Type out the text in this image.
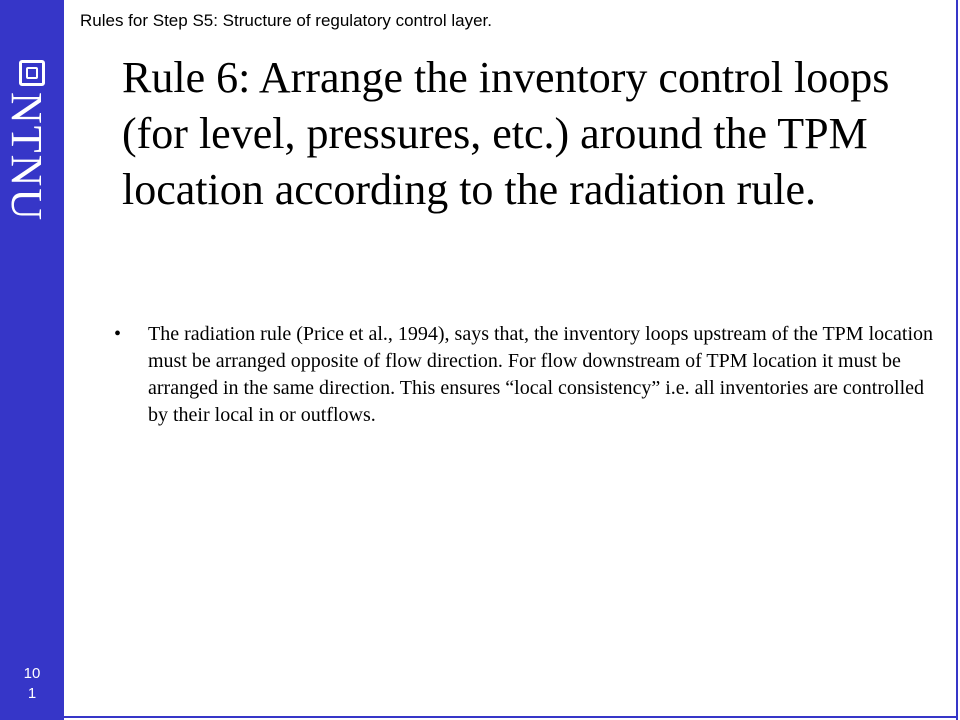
NTNU
10
1
Rules for Step S5: Structure of regulatory control layer.
Rule 6: Arrange the inventory control loops (for level, pressures, etc.) around the TPM location according to the radiation rule.
• The radiation rule (Price et al., 1994), says that, the inventory loops upstream of the TPM location must be arranged opposite of flow direction. For flow downstream of TPM location it must be arranged in the same direction. This ensures “local consistency” i.e. all inventories are controlled by their local in or outflows.
